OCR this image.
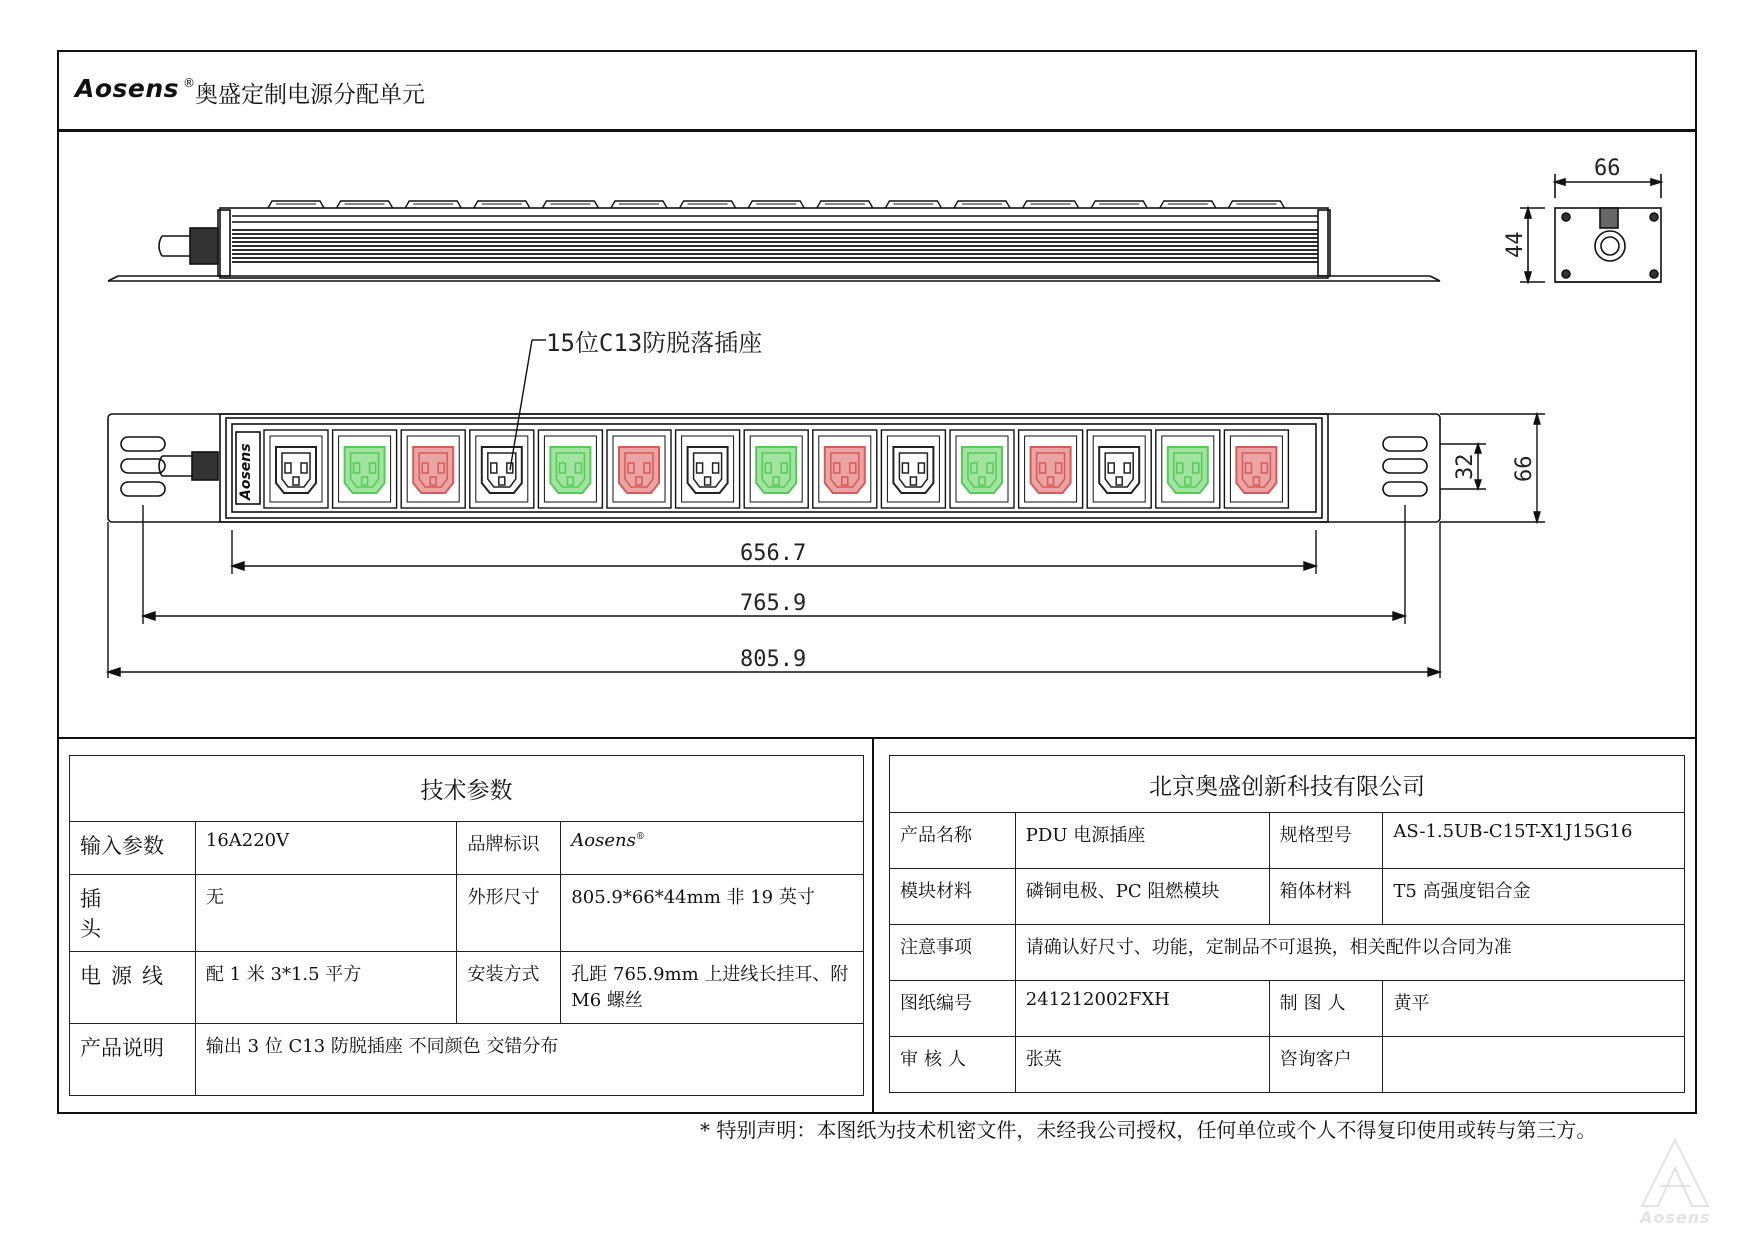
Aosens ® 奥盛定制电源分配单元
66
44
Aosens
15位C13防脱落插座
32 66
656.7
765.9
805.9
技术参数			
输入参数	16A220V	品牌标识	Aosens®
插头	无	外形尺寸	805.9*66*44mm 非 19 英寸
电源线	配 1 米 3*1.5 平方	安装方式	孔距 765.9mm 上进线长挂耳、附 M6 螺丝
产品说明	输出 3 位 C13 防脱插座 不同颜色 交错分布		
北京奥盛创新科技有限公司			
产品名称	PDU 电源插座	规格型号	AS-1.5UB-C15T-X1J15G16
模块材料	磷铜电极、PC 阻燃模块	箱体材料	T5 高强度铝合金
注意事项	请确认好尺寸、功能，定制品不可退换，相关配件以合同为准		
图纸编号	241212002FXH	制图人	黄平
审核人	张英	咨询客户	
* 特别声明：本图纸为技术机密文件，未经我公司授权，任何单位或个人不得复印使用或转与第三方。
Aosens
